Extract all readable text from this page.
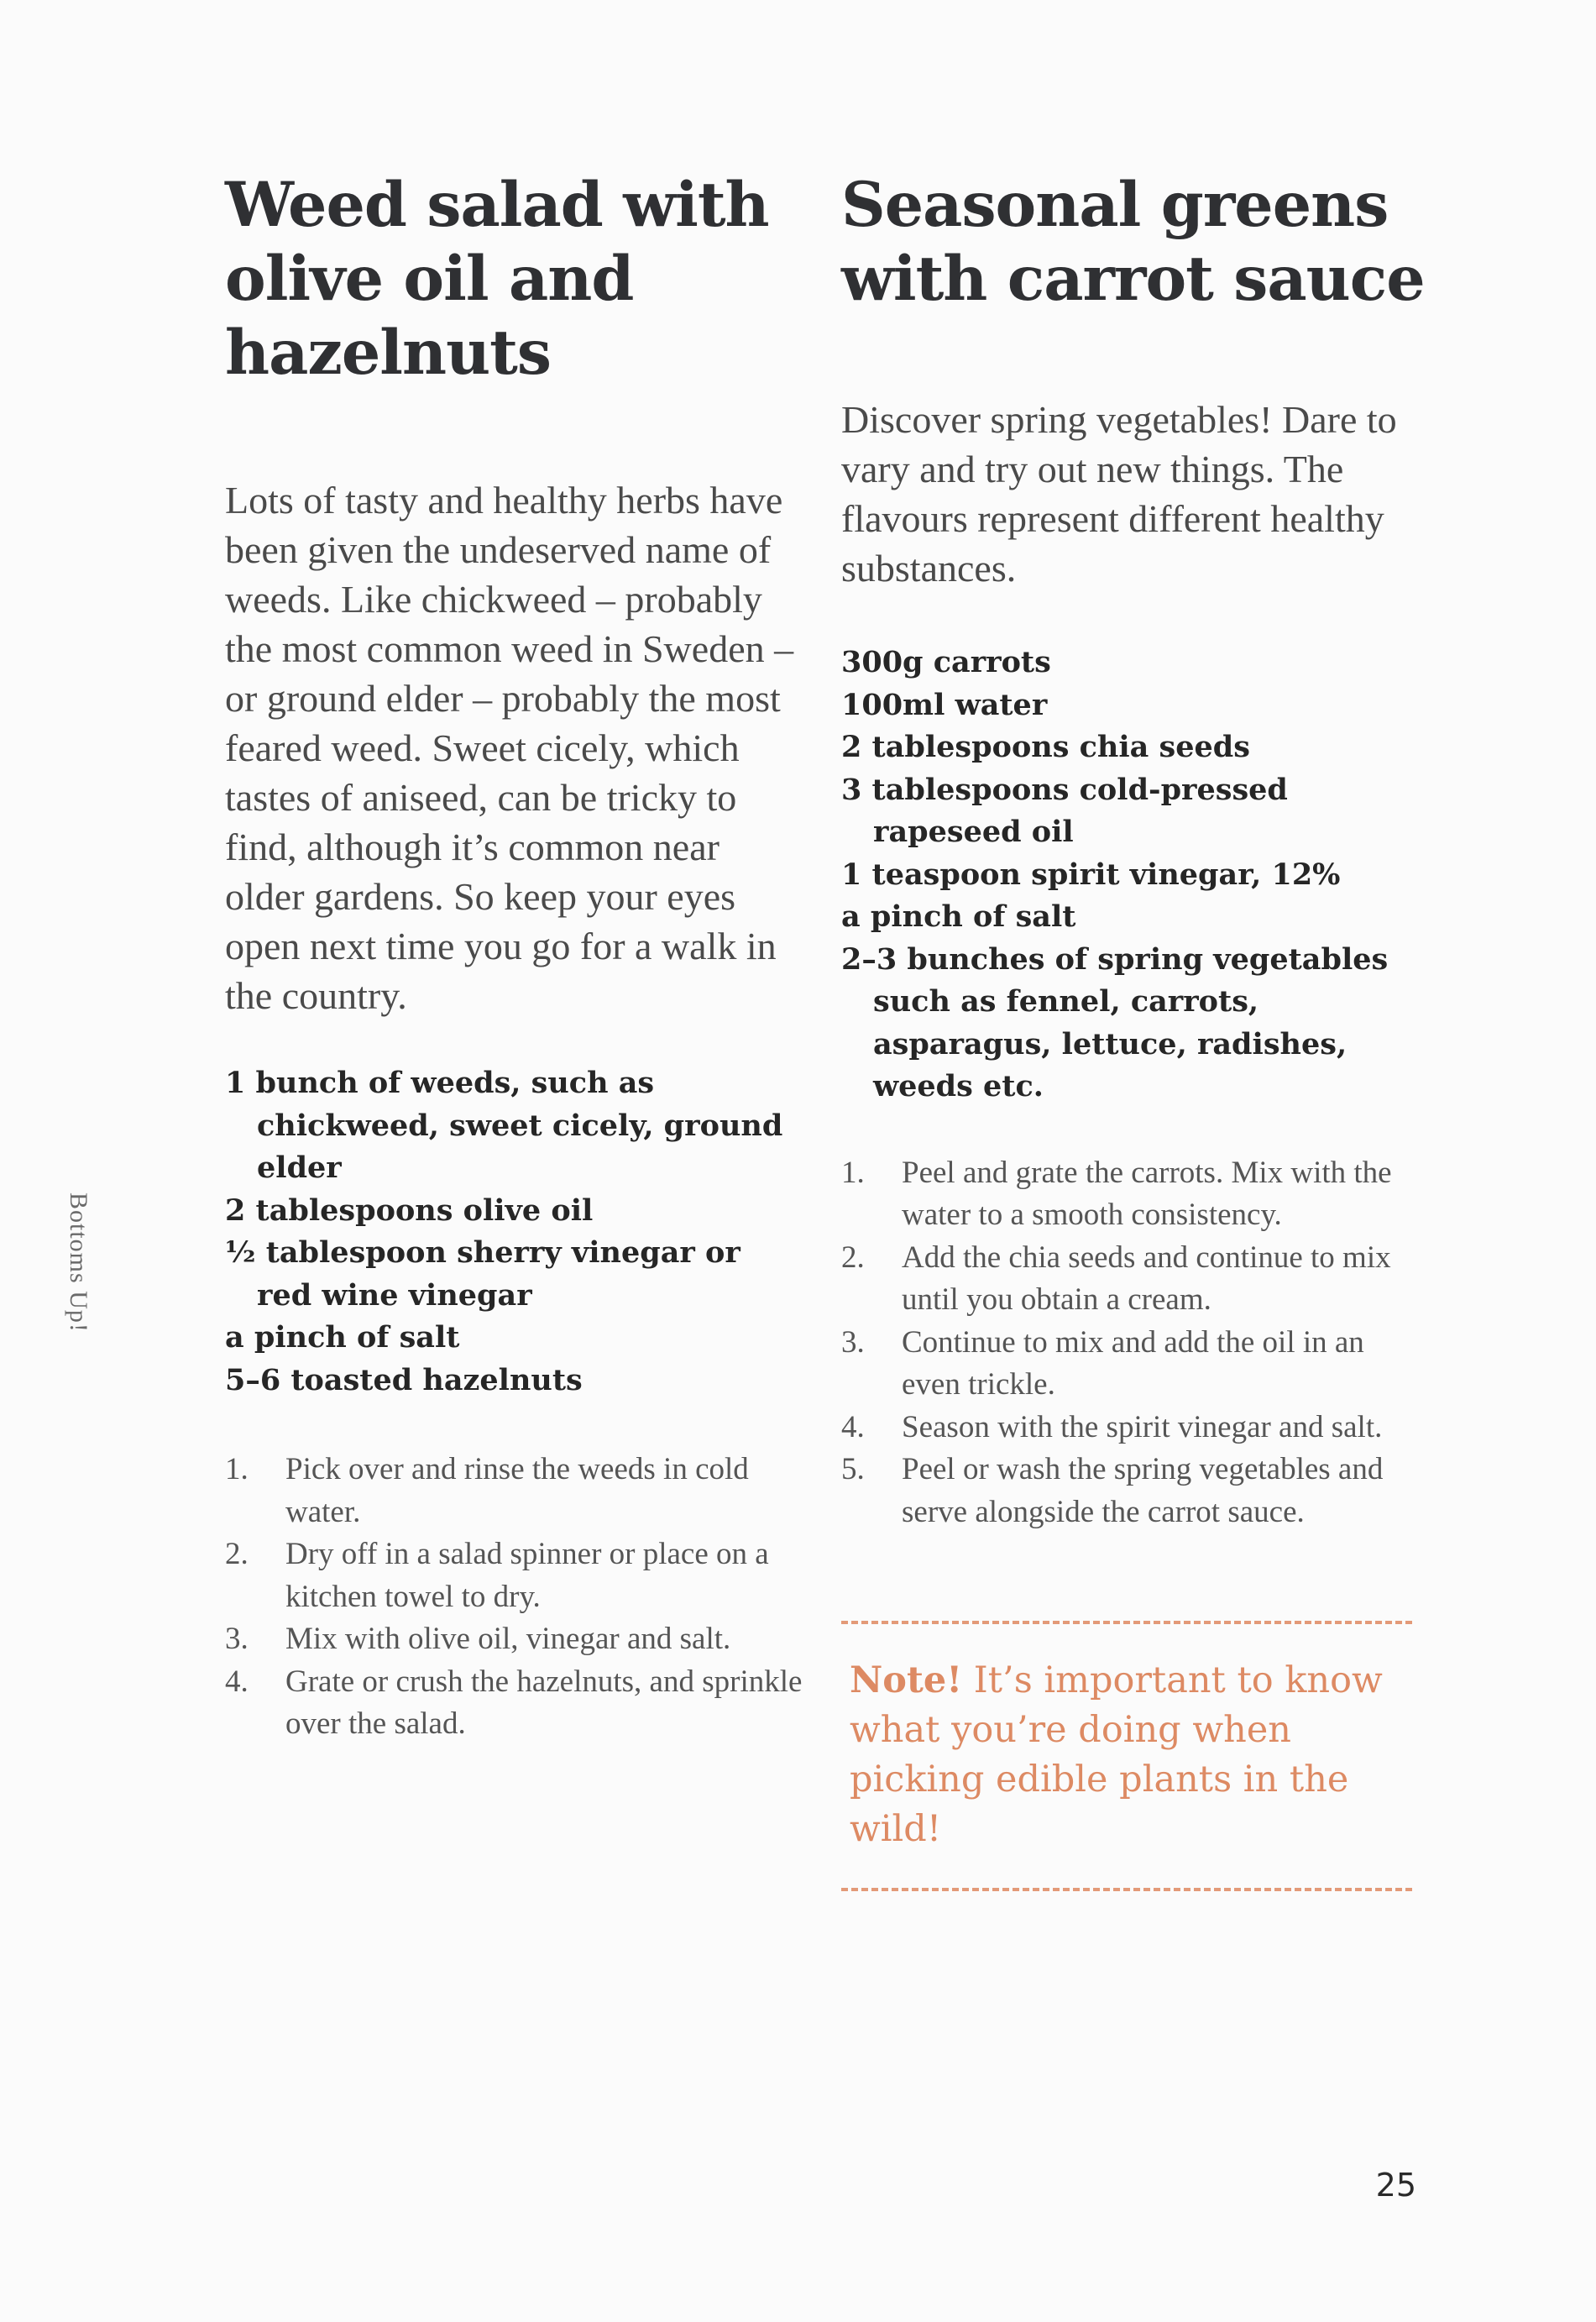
Bottoms Up!
Weed salad with
olive oil and
hazelnuts

Lots of tasty and healthy herbs have been given the undeserved name of weeds. Like chickweed – probably the most common weed in Sweden – or ground elder – probably the most feared weed. Sweet cicely, which tastes of aniseed, can be tricky to find, although it’s common near older gardens. So keep your eyes open next time you go for a walk in the country.

1 bunch of weeds, such as chickweed, sweet cicely, ground elder
2 tablespoons olive oil
½ tablespoon sherry vinegar or red wine vinegar
a pinch of salt
5–6 toasted hazelnuts
1.	Pick over and rinse the weeds in cold water.
2.	Dry off in a salad spinner or place on a kitchen towel to dry.
3.	Mix with olive oil, vinegar and salt.
4.	Grate or crush the hazelnuts, and sprinkle over the salad.
Seasonal greens
with carrot sauce

Discover spring vegetables! Dare to vary and try out new things. The flavours represent different healthy substances.

300g carrots
100ml water
2 tablespoons chia seeds
3 tablespoons cold-pressed rapeseed oil
1 teaspoon spirit vinegar, 12%
a pinch of salt
2–3 bunches of spring vegetables such as fennel, carrots, asparagus, lettuce, radishes, weeds etc.
1.	Peel and grate the carrots. Mix with the water to a smooth consistency.
2.	Add the chia seeds and continue to mix until you obtain a cream.
3.	Continue to mix and add the oil in an even trickle.
4.	Season with the spirit vinegar and salt.
5.	Peel or wash the spring vegetables and serve alongside the carrot sauce.
Note! It’s important to know what you’re doing when picking edible plants in the wild!
25
